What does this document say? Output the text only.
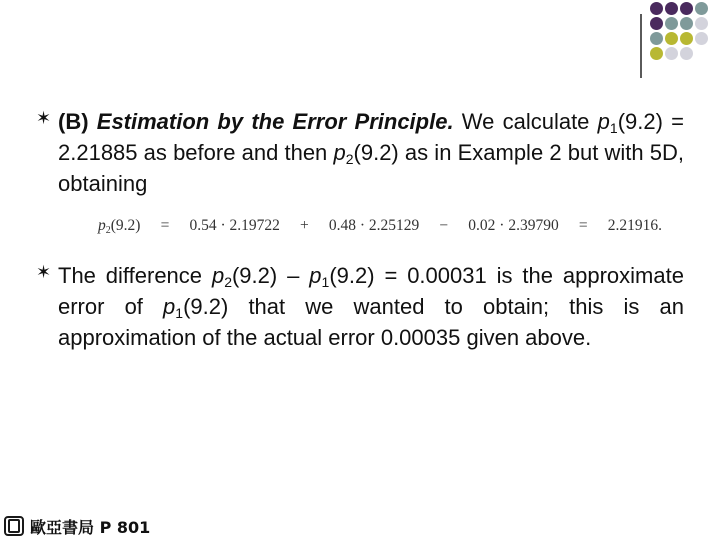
✶ (B) Estimation by the Error Principle. We calculate $p_1(9.2) = 2.21885$ as before and then $p_2(9.2)$ as in Example 2 but with 5D, obtaining
$p_2(9.2) = 0.54 \cdot 2.19722 + 0.48 \cdot 2.25129 - 0.02 \cdot 2.39790 = 2.21916$.
✶ The difference $p_2(9.2) - p_1(9.2) = 0.00031$ is the approximate error of $p_1(9.2)$ that we wanted to obtain; this is an approximation of the actual error 0.00035 given above.
歐亞書局 P 801
